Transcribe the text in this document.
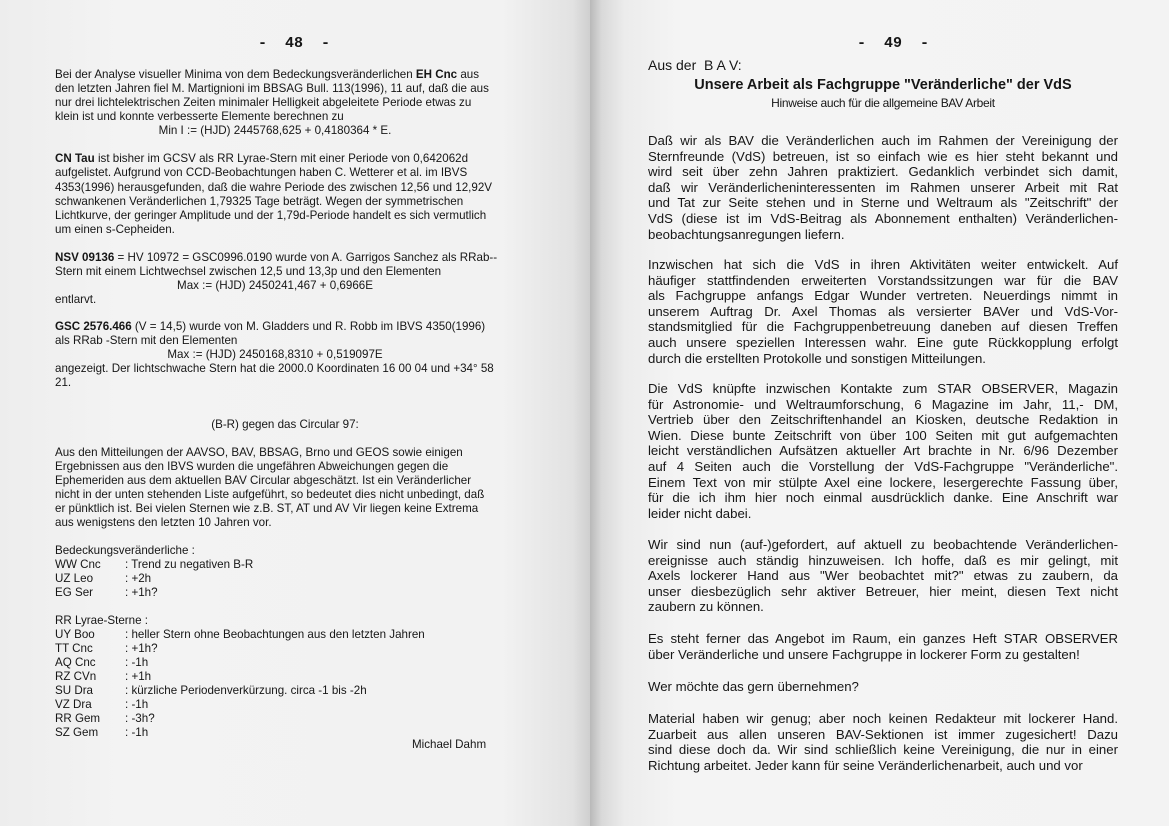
-  48  -
Bei der Analyse visueller Minima von dem Bedeckungsveränderlichen EH Cnc aus
den letzten Jahren fiel M. Martignioni im BBSAG Bull. 113(1996), 11 auf, daß die aus
nur drei lichtelektrischen Zeiten minimaler Helligkeit abgeleitete Periode etwas zu
klein ist und konnte verbesserte Elemente berechnen zu
Min I := (HJD) 2445768,625 + 0,4180364 * E.
CN Tau ist bisher im GCSV als RR Lyrae-Stern mit einer Periode von 0,642062d
aufgelistet. Aufgrund von CCD-Beobachtungen haben C. Wetterer et al. im IBVS
4353(1996) herausgefunden, daß die wahre Periode des zwischen 12,56 und 12,92V
schwankenen Veränderlichen 1,79325 Tage beträgt. Wegen der symmetrischen
Lichtkurve, der geringer Amplitude und der 1,79d-Periode handelt es sich vermutlich
um einen s-Cepheiden.
NSV 09136 = HV 10972 = GSC0996.0190 wurde von A. Garrigos Sanchez als RRab--
Stern mit einem Lichtwechsel zwischen 12,5 und 13,3p und den Elementen
Max := (HJD) 2450241,467 + 0,6966E
entlarvt.
GSC 2576.466 (V = 14,5) wurde von M. Gladders und R. Robb im IBVS 4350(1996)
als RRab -Stern mit den Elementen
Max := (HJD) 2450168,8310 + 0,519097E
angezeigt. Der lichtschwache Stern hat die 2000.0 Koordinaten 16 00 04 und +34° 58
21.
(B-R) gegen das Circular 97:
Aus den Mitteilungen der AAVSO, BAV, BBSAG, Brno und GEOS sowie einigen
Ergebnissen aus den IBVS wurden die ungefähren Abweichungen gegen die
Ephemeriden aus dem aktuellen BAV Circular abgeschätzt. Ist ein Veränderlicher
nicht in der unten stehenden Liste aufgeführt, so bedeutet dies nicht unbedingt, daß
er pünktlich ist. Bei vielen Sternen wie z.B. ST, AT und AV Vir liegen keine Extrema
aus wenigstens den letzten 10 Jahren vor.
Bedeckungsveränderliche :
WW Cnc	: Trend zu negativen B-R
UZ Leo	: +2h
EG Ser	: +1h?
RR Lyrae-Sterne :
UY Boo	: heller Stern ohne Beobachtungen aus den letzten Jahren
TT Cnc	: +1h?
AQ Cnc	: -1h
RZ CVn	: +1h
SU Dra	: kürzliche Periodenverkürzung. circa -1 bis -2h
VZ Dra	: -1h
RR Gem	: -3h?
SZ Gem	: -1h
Michael Dahm
-  49  -
Aus der  B A V:
Unsere Arbeit als Fachgruppe "Veränderliche" der VdS
Hinweise auch für die allgemeine BAV Arbeit
Daß wir als BAV die Veränderlichen auch im Rahmen der Vereinigung der
Sternfreunde (VdS) betreuen, ist so einfach wie es hier steht bekannt und
wird seit über zehn Jahren praktiziert. Gedanklich verbindet sich damit,
daß wir Veränderlicheninteressenten im Rahmen unserer Arbeit mit Rat
und Tat zur Seite stehen und in Sterne und Weltraum als "Zeitschrift" der
VdS (diese ist im VdS-Beitrag als Abonnement enthalten) Veränderlichen-
beobachtungsanregungen liefern.
Inzwischen hat sich die VdS in ihren Aktivitäten weiter entwickelt. Auf
häufiger stattfindenden erweiterten Vorstandssitzungen war für die BAV
als Fachgruppe anfangs Edgar Wunder vertreten. Neuerdings nimmt in
unserem Auftrag Dr. Axel Thomas als versierter BAVer und VdS-Vor-
standsmitglied für die Fachgruppenbetreuung daneben auf diesen Treffen
auch unsere speziellen Interessen wahr. Eine gute Rückkopplung erfolgt
durch die erstellten Protokolle und sonstigen Mitteilungen.
Die VdS knüpfte inzwischen Kontakte zum STAR OBSERVER, Magazin
für Astronomie- und Weltraumforschung, 6 Magazine im Jahr, 11,- DM,
Vertrieb über den Zeitschriftenhandel an Kiosken, deutsche Redaktion in
Wien. Diese bunte Zeitschrift von über 100 Seiten mit gut aufgemachten
leicht verständlichen Aufsätzen aktueller Art brachte in Nr. 6/96 Dezember
auf 4 Seiten auch die Vorstellung der VdS-Fachgruppe "Veränderliche".
Einem Text von mir stülpte Axel eine lockere, lesergerechte Fassung über,
für die ich ihm hier noch einmal ausdrücklich danke. Eine Anschrift war
leider nicht dabei.
Wir sind nun (auf-)gefordert, auf aktuell zu beobachtende Veränderlichen-
ereignisse auch ständig hinzuweisen. Ich hoffe, daß es mir gelingt, mit
Axels lockerer Hand aus "Wer beobachtet mit?" etwas zu zaubern, da
unser diesbezüglich sehr aktiver Betreuer, hier meint, diesen Text nicht
zaubern zu können.
Es steht ferner das Angebot im Raum, ein ganzes Heft STAR OBSERVER
über Veränderliche und unsere Fachgruppe in lockerer Form zu gestalten!
Wer möchte das gern übernehmen?
Material haben wir genug; aber noch keinen Redakteur mit lockerer Hand.
Zuarbeit aus allen unseren BAV-Sektionen ist immer zugesichert! Dazu
sind diese doch da. Wir sind schließlich keine Vereinigung, die nur in einer
Richtung arbeitet. Jeder kann für seine Veränderlichenarbeit, auch und vor
